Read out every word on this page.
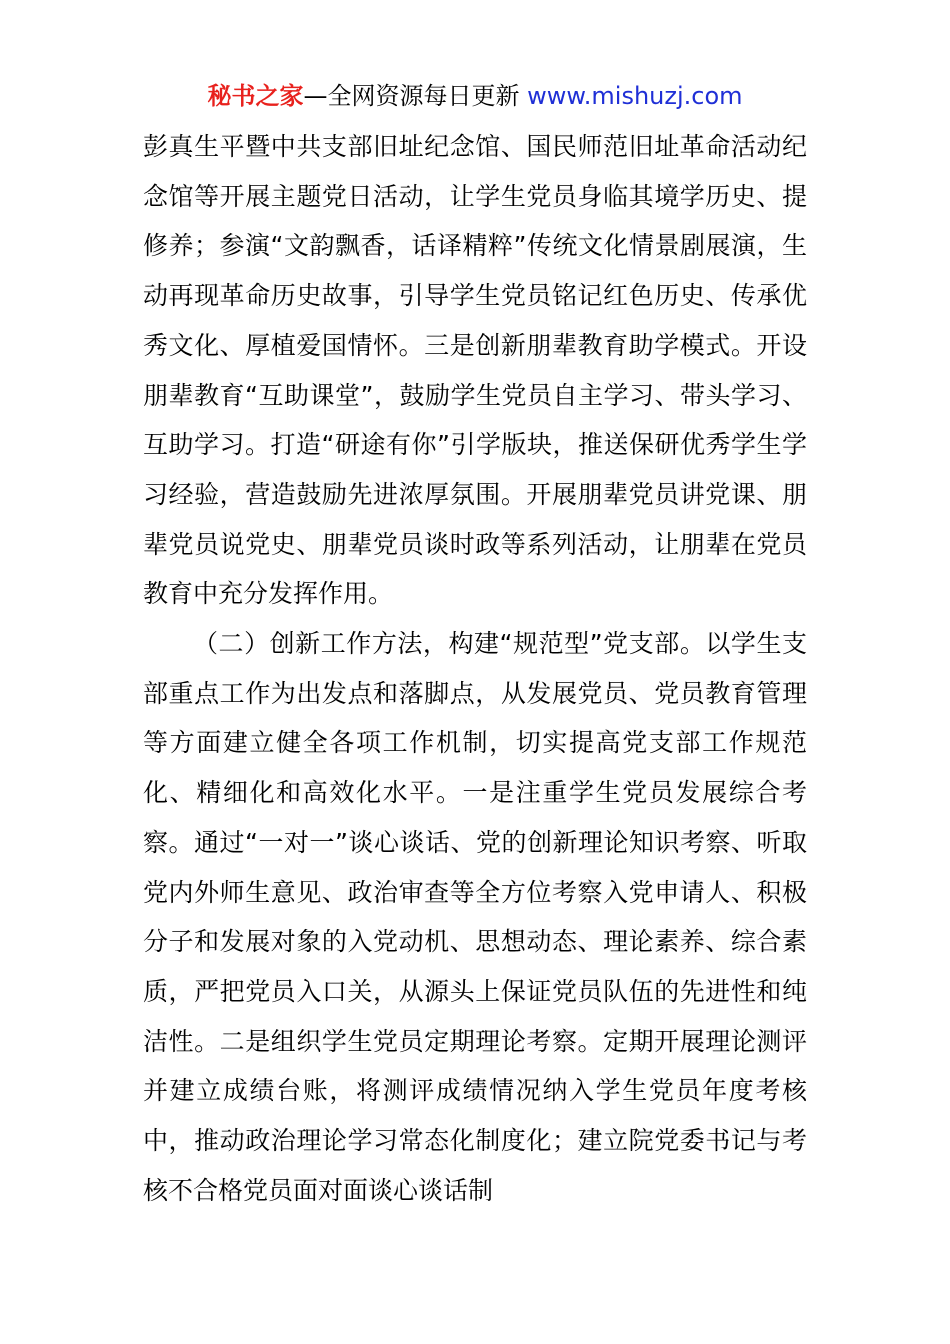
秘书之家—全网资源每日更新 www.mishuzj.com

彭真生平暨中共支部旧址纪念馆、国民师范旧址革命活动纪念馆等开展主题党日活动，让学生党员身临其境学历史、提修养；参演“文韵飘香，话译精粹”传统文化情景剧展演，生动再现革命历史故事，引导学生党员铭记红色历史、传承优秀文化、厚植爱国情怀。三是创新朋辈教育助学模式。开设朋辈教育“互助课堂”，鼓励学生党员自主学习、带头学习、互助学习。打造“研途有你”引学版块，推送保研优秀学生学习经验，营造鼓励先进浓厚氛围。开展朋辈党员讲党课、朋辈党员说党史、朋辈党员谈时政等系列活动，让朋辈在党员教育中充分发挥作用。

（二）创新工作方法，构建“规范型”党支部。以学生支部重点工作为出发点和落脚点，从发展党员、党员教育管理等方面建立健全各项工作机制，切实提高党支部工作规范化、精细化和高效化水平。一是注重学生党员发展综合考察。通过“一对一”谈心谈话、党的创新理论知识考察、听取党内外师生意见、政治审查等全方位考察入党申请人、积极分子和发展对象的入党动机、思想动态、理论素养、综合素质，严把党员入口关，从源头上保证党员队伍的先进性和纯洁性。二是组织学生党员定期理论考察。定期开展理论测评并建立成绩台账，将测评成绩情况纳入学生党员年度考核中，推动政治理论学习常态化制度化；建立院党委书记与考核不合格党员面对面谈心谈话制
